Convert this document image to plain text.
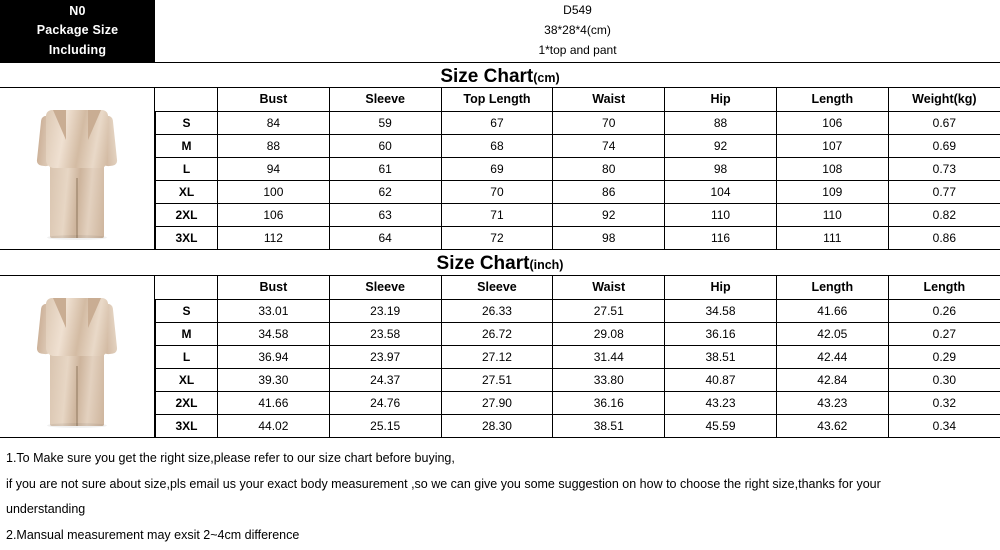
N0
Package Size
Including
D549
38*28*4(cm)
1*top and pant
Size Chart(cm)
	Bust	Sleeve	Top Length	Waist	Hip	Length	Weight(kg)
S	84	59	67	70	88	106	0.67
M	88	60	68	74	92	107	0.69
L	94	61	69	80	98	108	0.73
XL	100	62	70	86	104	109	0.77
2XL	106	63	71	92	110	110	0.82
3XL	112	64	72	98	116	111	0.86
Size Chart(inch)
	Bust	Sleeve	Sleeve	Waist	Hip	Length	Length
S	33.01	23.19	26.33	27.51	34.58	41.66	0.26
M	34.58	23.58	26.72	29.08	36.16	42.05	0.27
L	36.94	23.97	27.12	31.44	38.51	42.44	0.29
XL	39.30	24.37	27.51	33.80	40.87	42.84	0.30
2XL	41.66	24.76	27.90	36.16	43.23	43.23	0.32
3XL	44.02	25.15	28.30	38.51	45.59	43.62	0.34
1.To Make sure you get the right size,please refer to our size chart before buying,
if you are not sure about size,pls email us your exact body measurement ,so we can give you some suggestion on how to choose the right size,thanks for your
understanding
2.Mansual measurement may exsit 2~4cm difference
